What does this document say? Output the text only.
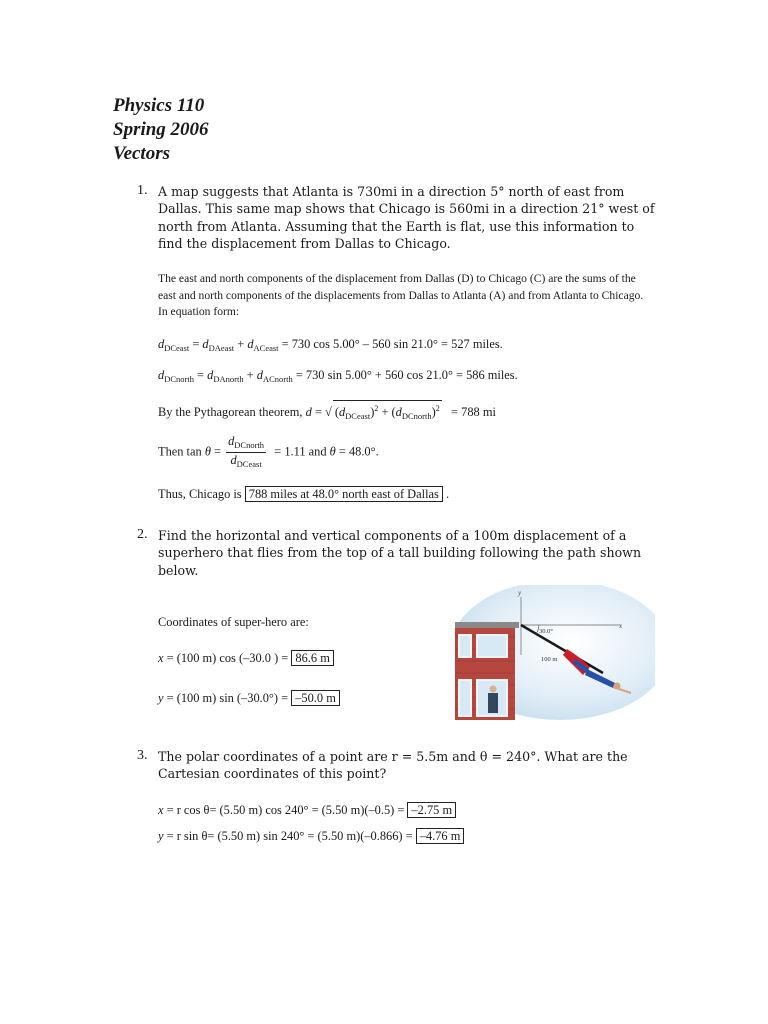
Physics 110
Spring 2006
Vectors
1. A map suggests that Atlanta is 730mi in a direction 5° north of east from Dallas. This same map shows that Chicago is 560mi in a direction 21° west of north from Atlanta. Assuming that the Earth is flat, use this information to find the displacement from Dallas to Chicago.
The east and north components of the displacement from Dallas (D) to Chicago (C) are the sums of the east and north components of the displacements from Dallas to Atlanta (A) and from Atlanta to Chicago. In equation form:
$d_{DCeast} = d_{DAeast} + d_{ACeast} = 730$ cos 5.00° – 560 sin 21.0° = 527 miles.
$d_{DCnorth} = d_{DAnorth} + d_{ACnorth} = 730$ sin 5.00° + 560 cos 21.0° = 586 miles.
By the Pythagorean theorem, d = √ $(d_{DCeast})^2 + (d_{DCnorth})^2 = 788$ mi
Then $\tan \theta = \frac{d_{DCnorth}}{d_{DCeast}} = 1.11$ and θ = 48.0°.
Thus, Chicago is 788 miles at 48.0° north east of Dallas .
2. Find the horizontal and vertical components of a 100m displacement of a superhero that flies from the top of a tall building following the path shown below.
Coordinates of super-hero are:
x = (100 m) cos (–30.0 ) = 86.6 m
y = (100 m) sin (–30.0°) = –50.0 m
y
x
30.0°
100 m
3. The polar coordinates of a point are r = 5.5m and θ = 240°. What are the Cartesian coordinates of this point?
x = r cos θ= (5.50 m) cos 240° = (5.50 m)(–0.5) = –2.75 m
y = r sin θ= (5.50 m) sin 240° = (5.50 m)(–0.866) = –4.76 m
